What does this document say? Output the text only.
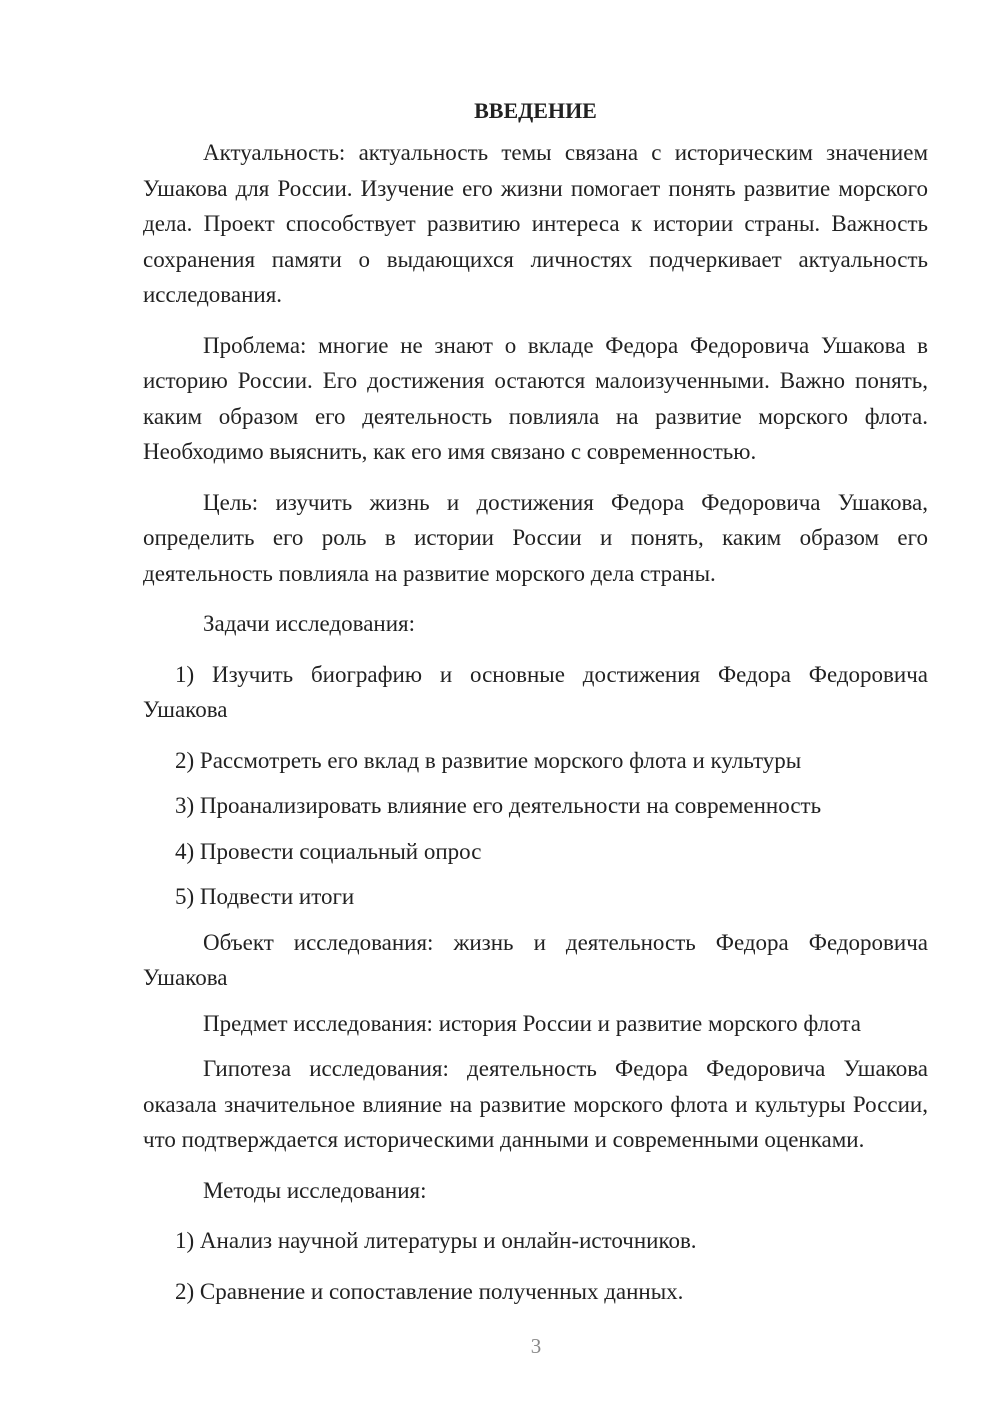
ВВЕДЕНИЕ

Актуальность: актуальность темы связана с историческим значением Ушакова для России. Изучение его жизни помогает понять развитие морского дела. Проект способствует развитию интереса к истории страны. Важность сохранения памяти о выдающихся личностях подчеркивает актуальность исследования.

Проблема: многие не знают о вкладе Федора Федоровича Ушакова в историю России. Его достижения остаются малоизученными. Важно понять, каким образом его деятельность повлияла на развитие морского флота. Необходимо выяснить, как его имя связано с современностью.

Цель: изучить жизнь и достижения Федора Федоровича Ушакова, определить его роль в истории России и понять, каким образом его деятельность повлияла на развитие морского дела страны.

Задачи исследования:

1) Изучить биографию и основные достижения Федора Федоровича Ушакова

2) Рассмотреть его вклад в развитие морского флота и культуры

3) Проанализировать влияние его деятельности на современность

4) Провести социальный опрос

5) Подвести итоги

Объект исследования: жизнь и деятельность Федора Федоровича Ушакова

Предмет исследования: история России и развитие морского флота

Гипотеза исследования: деятельность Федора Федоровича Ушакова оказала значительное влияние на развитие морского флота и культуры России, что подтверждается историческими данными и современными оценками.

Методы исследования:

1) Анализ научной литературы и онлайн-источников.

2) Сравнение и сопоставление полученных данных.

3
